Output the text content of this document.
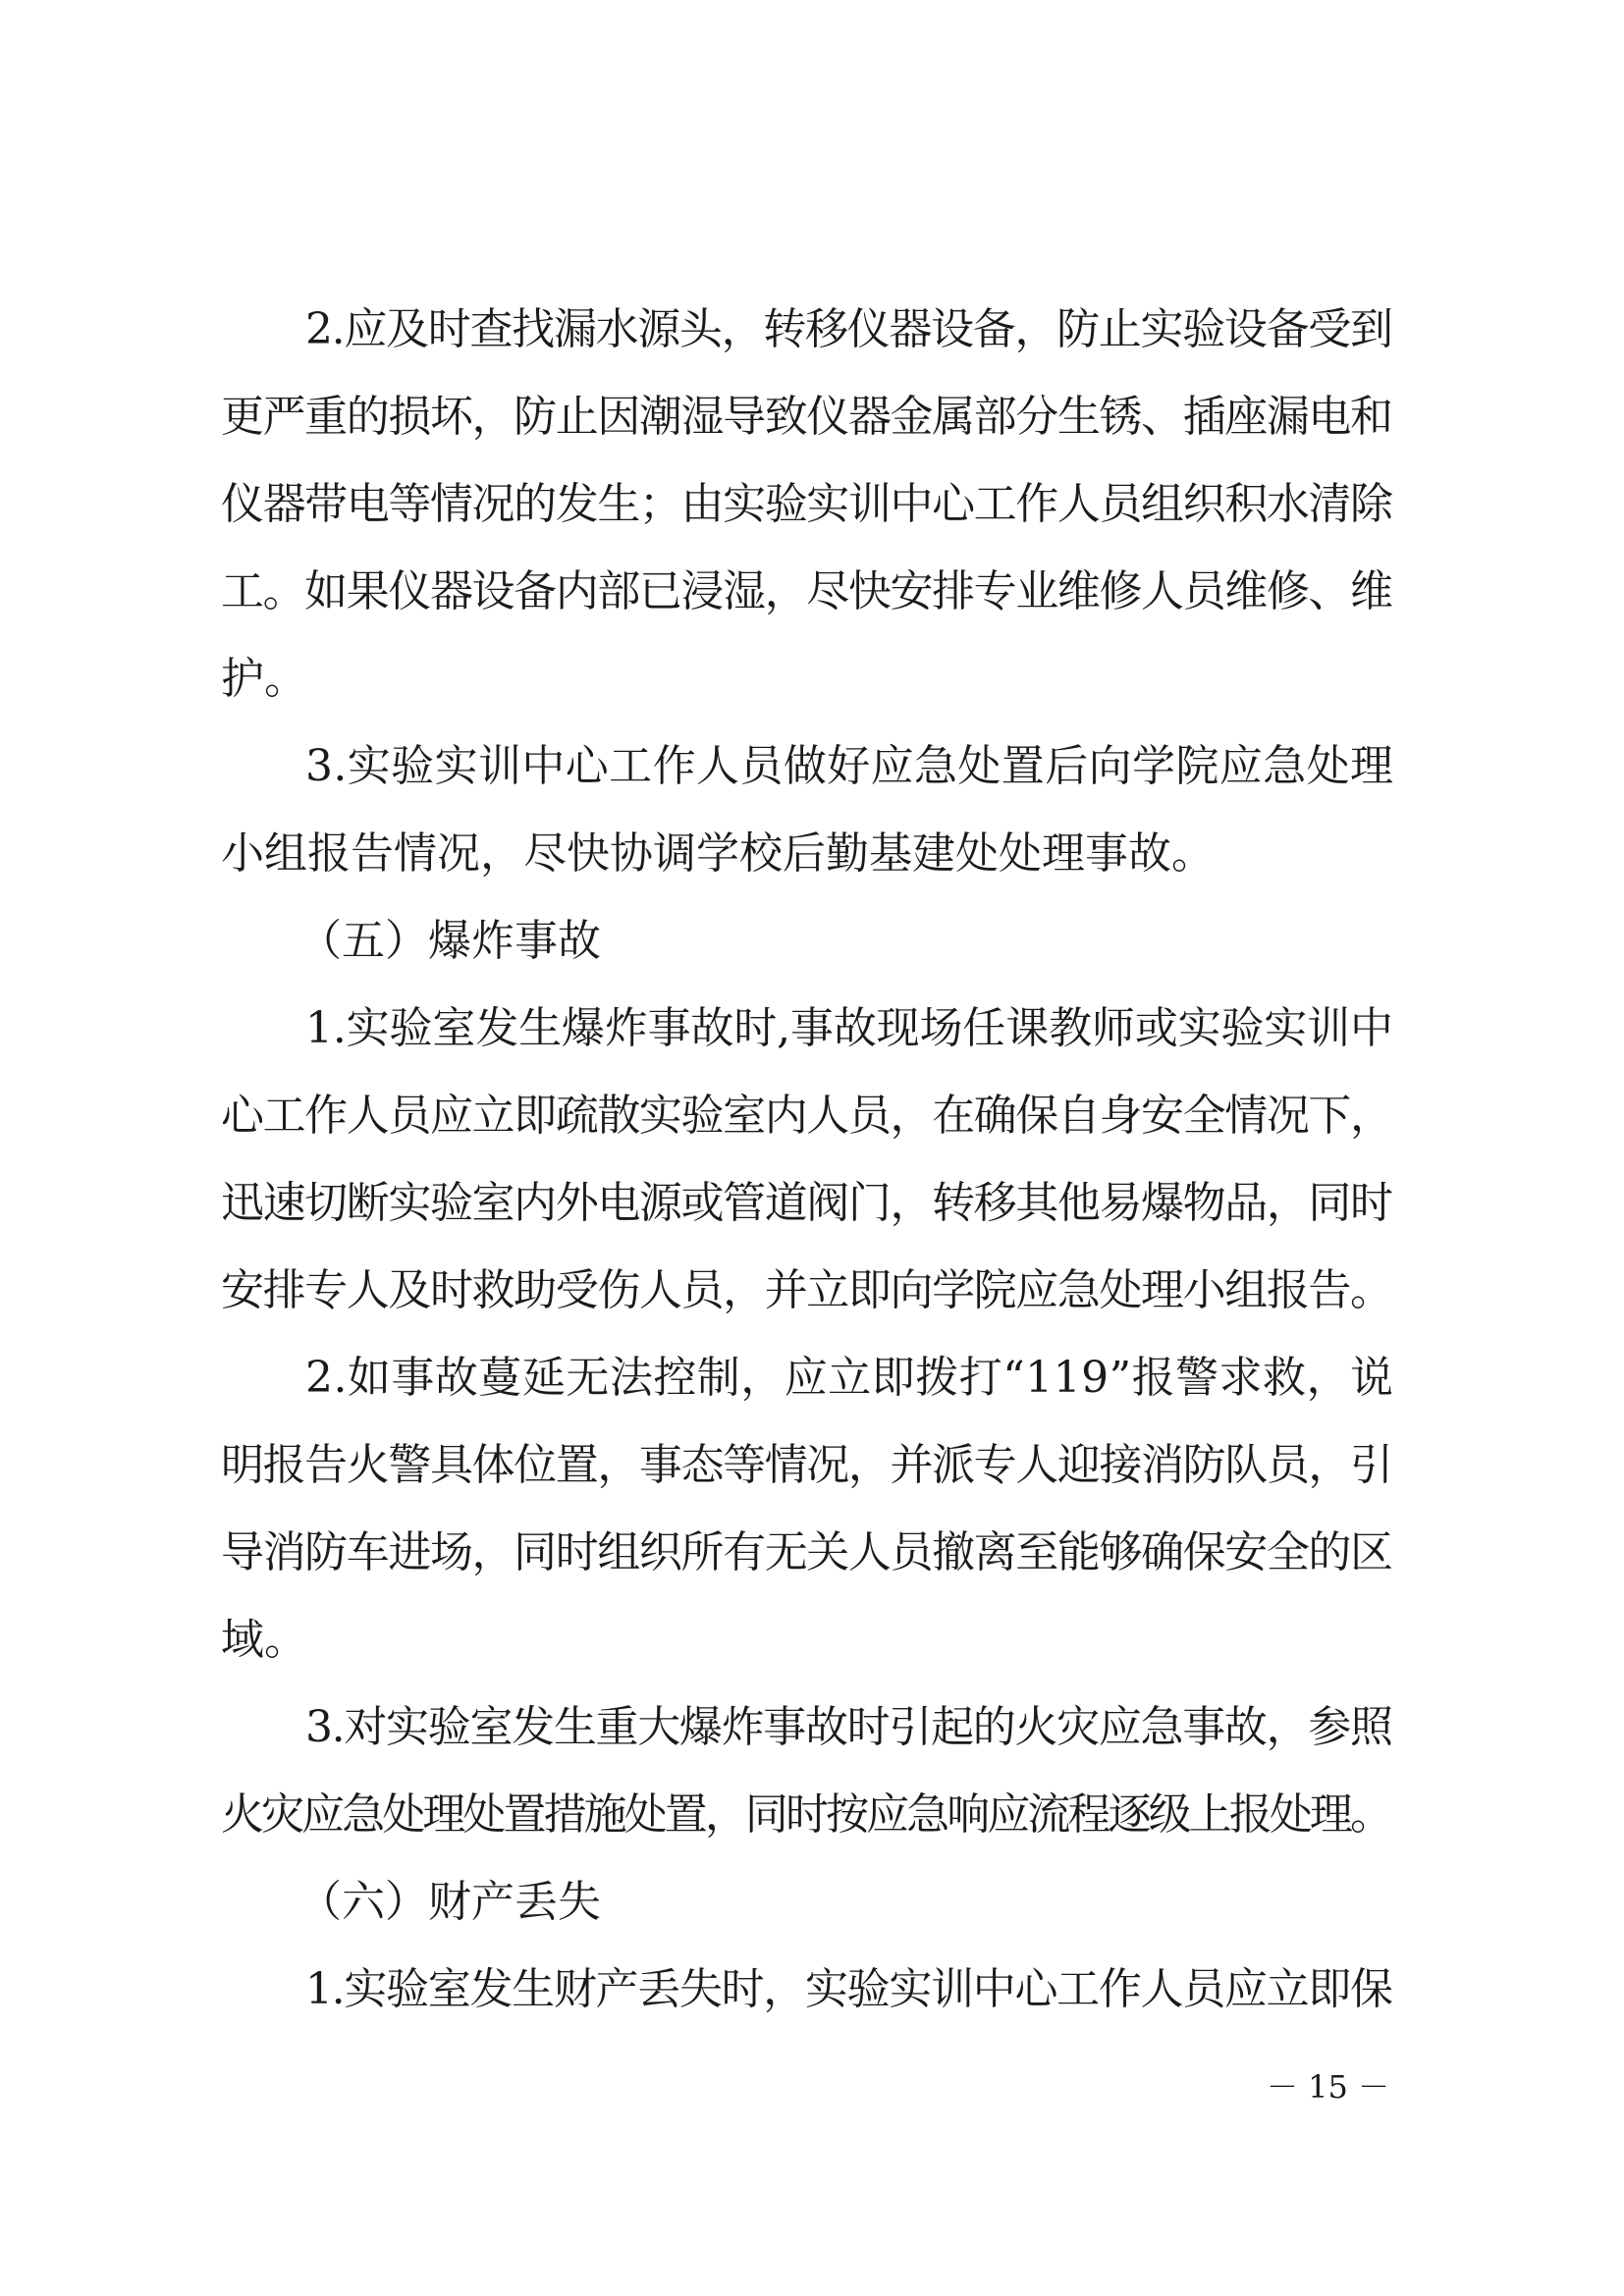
2.应及时查找漏水源头，转移仪器设备，防止实验设备受到
更严重的损坏，防止因潮湿导致仪器金属部分生锈、插座漏电和
仪器带电等情况的发生；由实验实训中心工作人员组织积水清除
工。如果仪器设备内部已浸湿，尽快安排专业维修人员维修、维
护。
3.实验实训中心工作人员做好应急处置后向学院应急处理
小组报告情况，尽快协调学校后勤基建处处理事故。
（五）爆炸事故
1.实验室发生爆炸事故时,事故现场任课教师或实验实训中
心工作人员应立即疏散实验室内人员，在确保自身安全情况下，
迅速切断实验室内外电源或管道阀门，转移其他易爆物品，同时
安排专人及时救助受伤人员，并立即向学院应急处理小组报告。
2.如事故蔓延无法控制，应立即拨打“119”报警求救，说
明报告火警具体位置，事态等情况，并派专人迎接消防队员，引
导消防车进场，同时组织所有无关人员撤离至能够确保安全的区
域。
3.对实验室发生重大爆炸事故时引起的火灾应急事故，参照
火灾应急处理处置措施处置，同时按应急响应流程逐级上报处理。
（六）财产丢失
1.实验室发生财产丢失时，实验实训中心工作人员应立即保
－ 15 －
